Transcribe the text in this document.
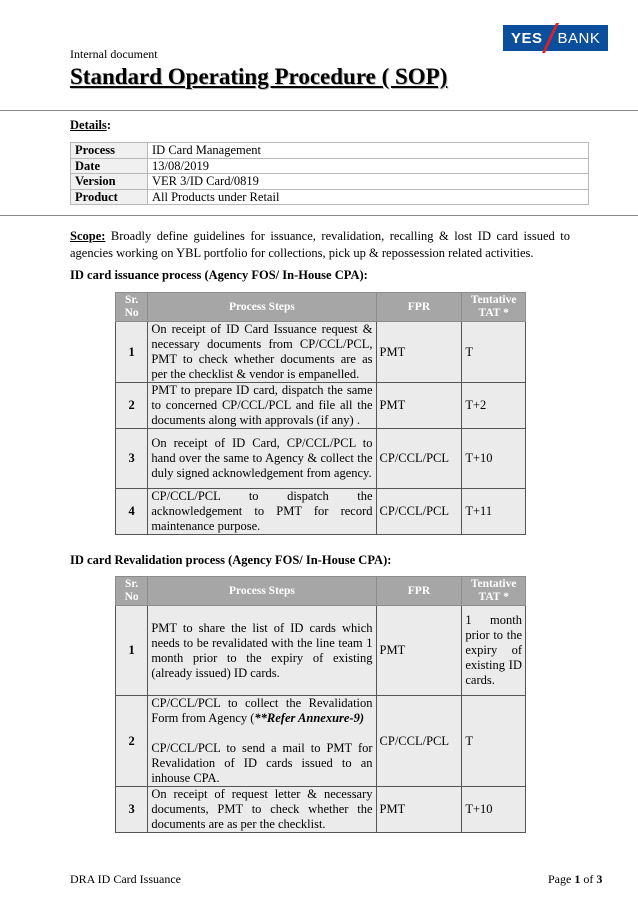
Internal document
YES BANK
Standard Operating Procedure ( SOP)
Details:
Process	ID Card Management
Date	13/08/2019
Version	VER 3/ID Card/0819
Product	All Products under Retail
Scope: Broadly define guidelines for issuance, revalidation, recalling & lost ID card issued to agencies working on YBL portfolio for collections, pick up & repossession related activities.
ID card issuance process (Agency FOS/ In-House CPA):
Sr. No	Process Steps	FPR	Tentative TAT *
1	On receipt of ID Card Issuance request & necessary documents from CP/CCL/PCL, PMT to check whether documents are as per the checklist & vendor is empanelled.	PMT	T
2	PMT to prepare ID card, dispatch the same to concerned CP/CCL/PCL and file all the documents along with approvals (if any) .	PMT	T+2
3	On receipt of ID Card, CP/CCL/PCL to hand over the same to Agency & collect the duly signed acknowledgement from agency.	CP/CCL/PCL	T+10
4	CP/CCL/PCL to dispatch the acknowledgement to PMT for record maintenance purpose.	CP/CCL/PCL	T+11
ID card Revalidation process (Agency FOS/ In-House CPA):
Sr. No	Process Steps	FPR	Tentative TAT *
1	PMT to share the list of ID cards which needs to be revalidated with the line team 1 month prior to the expiry of existing (already issued) ID cards.	PMT	1 month prior to the expiry of existing ID cards.
2	CP/CCL/PCL to collect the Revalidation Form from Agency (**Refer Annexure-9)
CP/CCL/PCL to send a mail to PMT for Revalidation of ID cards issued to an inhouse CPA.	CP/CCL/PCL	T
3	On receipt of request letter & necessary documents, PMT to check whether the documents are as per the checklist.	PMT	T+10
DRA ID Card Issuance	Page 1 of 3
